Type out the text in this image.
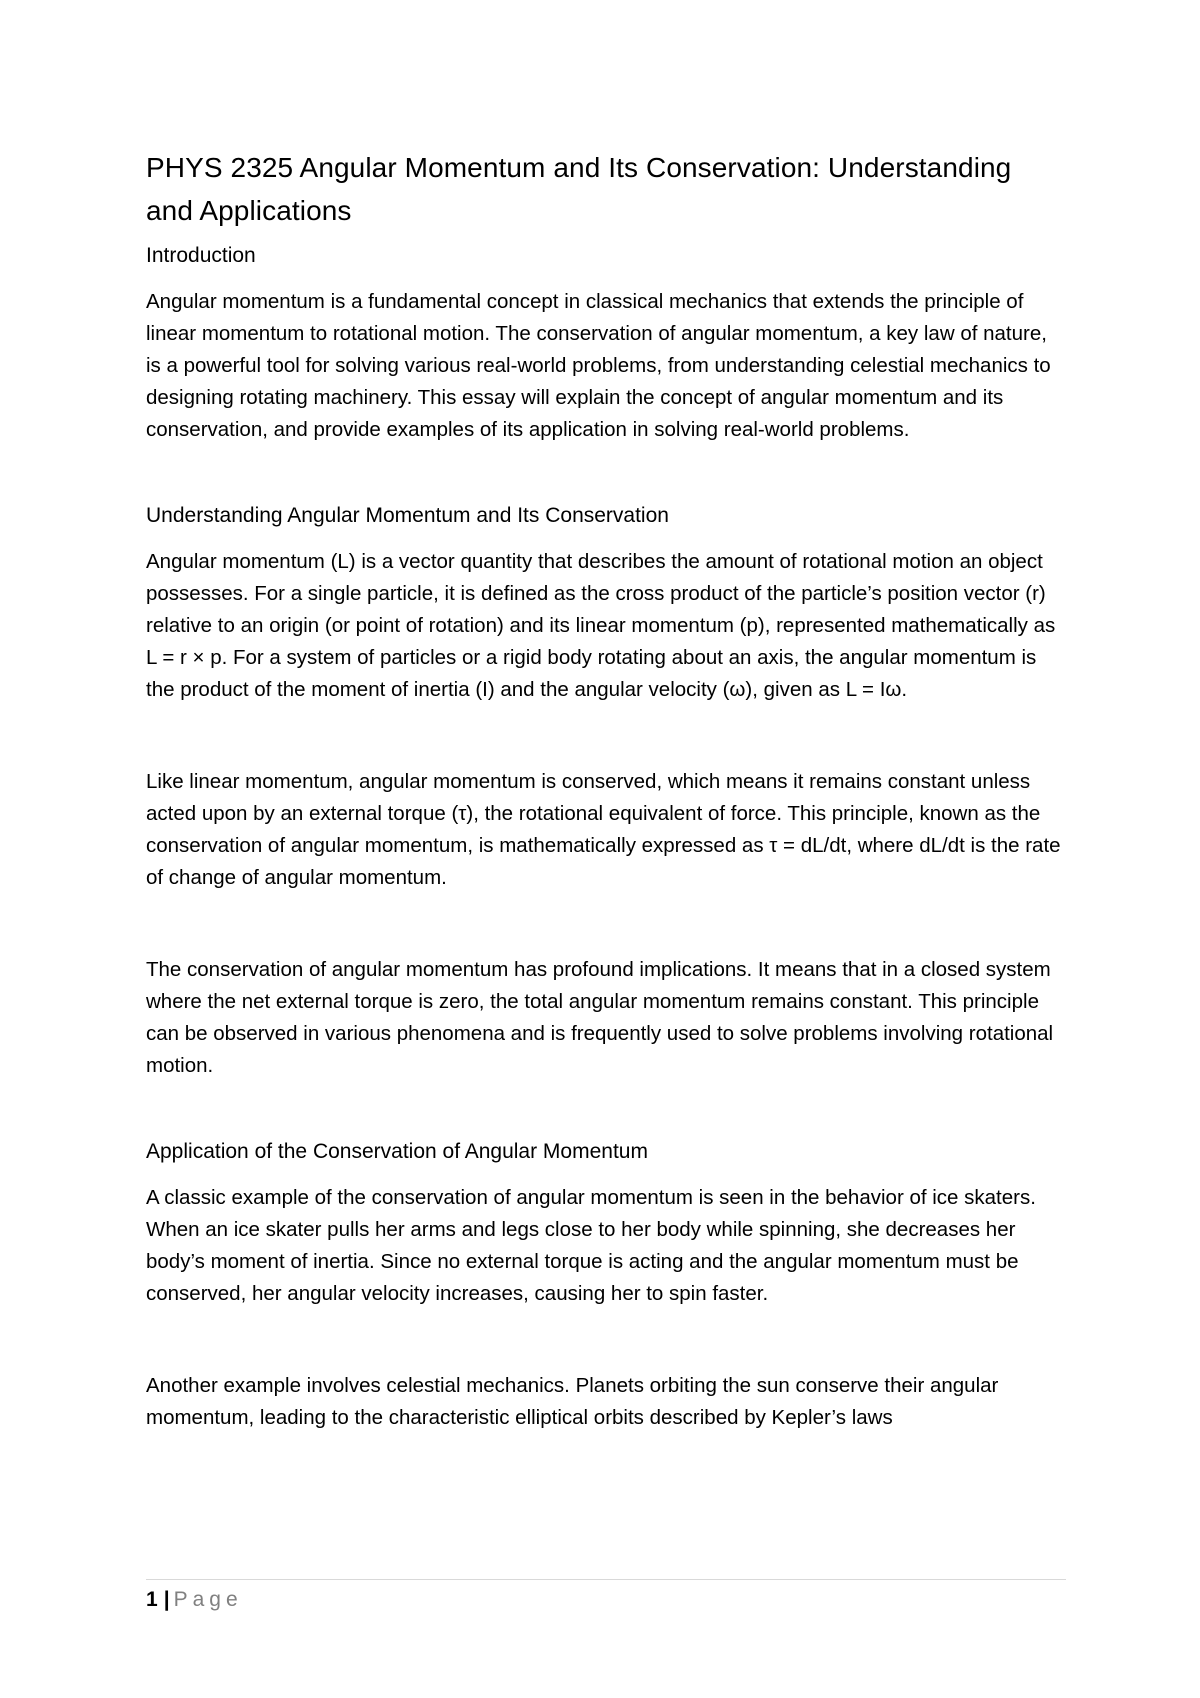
PHYS 2325 Angular Momentum and Its Conservation: Understanding and Applications
Introduction

Angular momentum is a fundamental concept in classical mechanics that extends the principle of linear momentum to rotational motion. The conservation of angular momentum, a key law of nature, is a powerful tool for solving various real-world problems, from understanding celestial mechanics to designing rotating machinery. This essay will explain the concept of angular momentum and its conservation, and provide examples of its application in solving real-world problems.

Understanding Angular Momentum and Its Conservation

Angular momentum (L) is a vector quantity that describes the amount of rotational motion an object possesses. For a single particle, it is defined as the cross product of the particle’s position vector (r) relative to an origin (or point of rotation) and its linear momentum (p), represented mathematically as L = r × p. For a system of particles or a rigid body rotating about an axis, the angular momentum is the product of the moment of inertia (I) and the angular velocity (ω), given as L = Iω.

Like linear momentum, angular momentum is conserved, which means it remains constant unless acted upon by an external torque (τ), the rotational equivalent of force. This principle, known as the conservation of angular momentum, is mathematically expressed as τ = dL/dt, where dL/dt is the rate of change of angular momentum.

The conservation of angular momentum has profound implications. It means that in a closed system where the net external torque is zero, the total angular momentum remains constant. This principle can be observed in various phenomena and is frequently used to solve problems involving rotational motion.

Application of the Conservation of Angular Momentum

A classic example of the conservation of angular momentum is seen in the behavior of ice skaters. When an ice skater pulls her arms and legs close to her body while spinning, she decreases her body’s moment of inertia. Since no external torque is acting and the angular momentum must be conserved, her angular velocity increases, causing her to spin faster.

Another example involves celestial mechanics. Planets orbiting the sun conserve their angular momentum, leading to the characteristic elliptical orbits described by Kepler’s laws

1 | Page
